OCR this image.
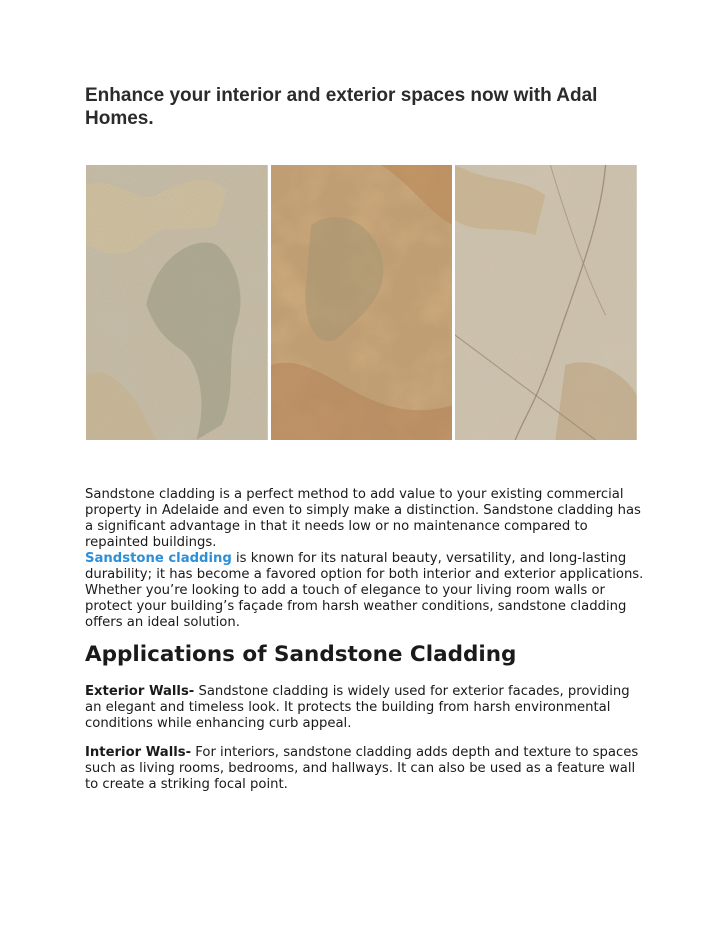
Enhance your interior and exterior spaces now with Adal Homes.

Sandstone cladding is a perfect method to add value to your existing commercial property in Adelaide and even to simply make a distinction. Sandstone cladding has a significant advantage in that it needs low or no maintenance compared to repainted buildings.

Sandstone cladding is known for its natural beauty, versatility, and long-lasting durability; it has become a favored option for both interior and exterior applications. Whether you’re looking to add a touch of elegance to your living room walls or protect your building’s façade from harsh weather conditions, sandstone cladding offers an ideal solution.

Applications of Sandstone Cladding

Exterior Walls- Sandstone cladding is widely used for exterior facades, providing an elegant and timeless look. It protects the building from harsh environmental conditions while enhancing curb appeal.

Interior Walls- For interiors, sandstone cladding adds depth and texture to spaces such as living rooms, bedrooms, and hallways. It can also be used as a feature wall to create a striking focal point.
